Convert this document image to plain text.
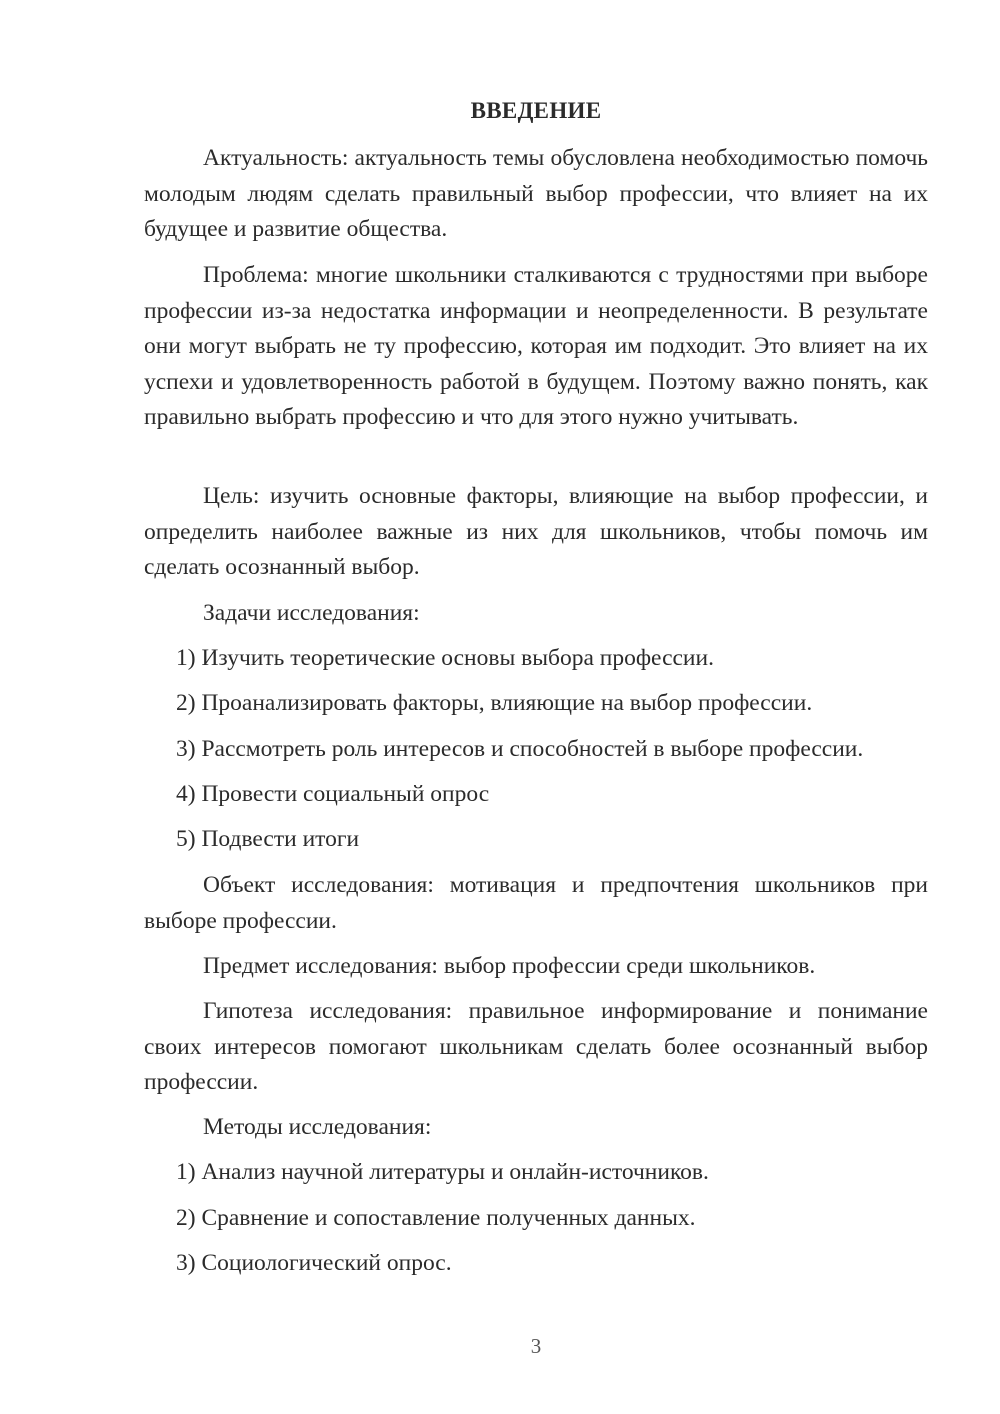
ВВЕДЕНИЕ

Актуальность: актуальность темы обусловлена необходимостью помочь молодым людям сделать правильный выбор профессии, что влияет на их будущее и развитие общества.

Проблема: многие школьники сталкиваются с трудностями при выборе профессии из-за недостатка информации и неопределенности. В результате они могут выбрать не ту профессию, которая им подходит. Это влияет на их успехи и удовлетворенность работой в будущем. Поэтому важно понять, как правильно выбрать профессию и что для этого нужно учитывать.

Цель: изучить основные факторы, влияющие на выбор профессии, и определить наиболее важные из них для школьников, чтобы помочь им сделать осознанный выбор.

Задачи исследования:
1) Изучить теоретические основы выбора профессии.
2) Проанализировать факторы, влияющие на выбор профессии.
3) Рассмотреть роль интересов и способностей в выборе профессии.
4) Провести социальный опрос
5) Подвести итоги

Объект исследования: мотивация и предпочтения школьников при выборе профессии.

Предмет исследования: выбор профессии среди школьников.

Гипотеза исследования: правильное информирование и понимание своих интересов помогают школьникам сделать более осознанный выбор профессии.

Методы исследования:
1) Анализ научной литературы и онлайн-источников.
2) Сравнение и сопоставление полученных данных.
3) Социологический опрос.
3
